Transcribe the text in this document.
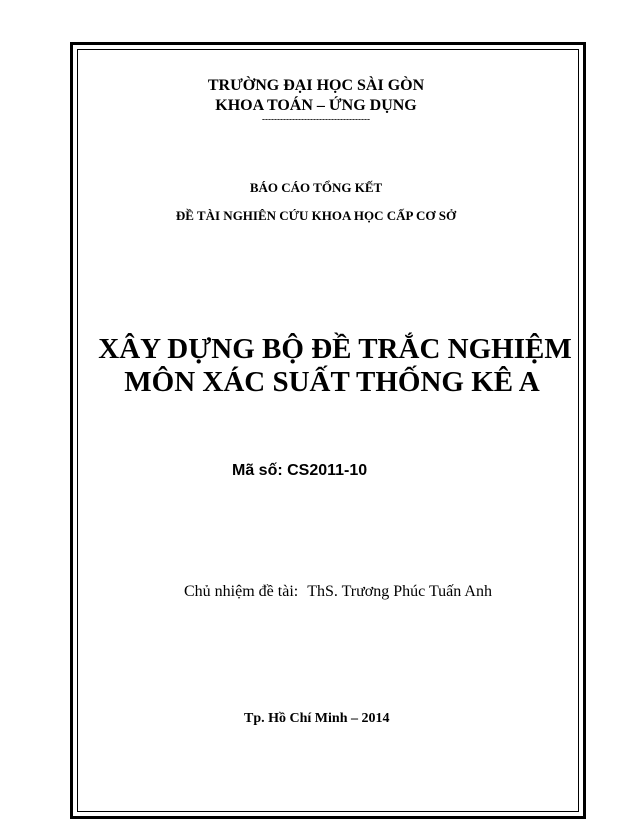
TRƯỜNG ĐẠI HỌC SÀI GÒN
KHOA TOÁN – ỨNG DỤNG
------------------------------------
BÁO CÁO TỔNG KẾT
ĐỀ TÀI NGHIÊN CỨU KHOA HỌC CẤP CƠ SỞ
XÂY DỰNG BỘ ĐỀ TRẮC NGHIỆM
MÔN XÁC SUẤT THỐNG KÊ A
Mã số: CS2011-10
Chủ nhiệm đề tài: ThS. Trương Phúc Tuấn Anh
Tp. Hồ Chí Minh – 2014
